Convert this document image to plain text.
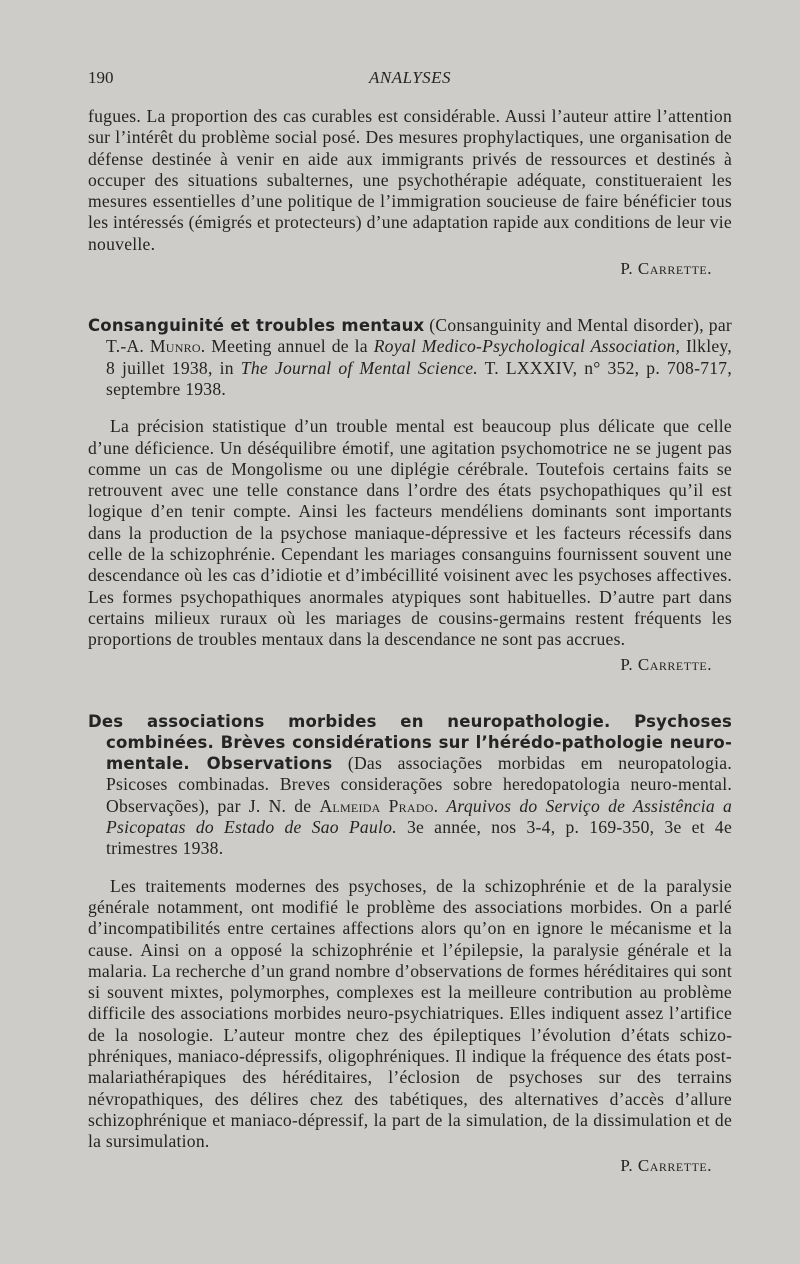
190	ANALYSES

fugues. La proportion des cas curables est considérable. Aussi l’auteur attire l’attention sur l’intérêt du problème social posé. Des mesures prophylactiques, une organisation de défense destinée à venir en aide aux immigrants privés de ressources et destinés à occuper des situations subalternes, une psychothérapie adéquate, constitueraient les mesures essentielles d’une politique de l’immigration soucieuse de faire bénéficier tous les intéressés (émigrés et protecteurs) d’une adaptation rapide aux conditions de leur vie nouvelle.

P. Carrette.
Consanguinité et troubles mentaux (Consanguinity and Mental disorder), par T.-A. Munro. Meeting annuel de la Royal Medico-Psychological Association, Ilkley, 8 juillet 1938, in The Journal of Mental Science. T. LXXXIV, n° 352, p. 708-717, septembre 1938.

La précision statistique d’un trouble mental est beaucoup plus délicate que celle d’une déficience. Un déséquilibre émotif, une agitation psychomotrice ne se jugent pas comme un cas de Mongolisme ou une diplégie cérébrale. Toutefois certains faits se retrouvent avec une telle constance dans l’ordre des états psychopathiques qu’il est logique d’en tenir compte. Ainsi les facteurs mendéliens dominants sont importants dans la production de la psychose maniaque-dépressive et les facteurs récessifs dans celle de la schizophrénie. Cependant les mariages consanguins fournissent souvent une descendance où les cas d’idiotie et d’imbécillité voisinent avec les psychoses affectives. Les formes psychopathiques anormales atypiques sont habituelles. D’autre part dans certains milieux ruraux où les mariages de cousins-germains restent fréquents les proportions de troubles mentaux dans la descendance ne sont pas accrues.

P. Carrette.
Des associations morbides en neuropathologie. Psychoses combinées. Brèves considérations sur l’hérédo-pathologie neuro-mentale. Observations (Das associações morbidas em neuropatologia. Psicoses combinadas. Breves considerações sobre heredopatologia neuro-mental. Observações), par J. N. de Almeida Prado. Arquivos do Serviço de Assistência a Psicopatas do Estado de Sao Paulo. 3e année, nos 3-4, p. 169-350, 3e et 4e trimestres 1938.

Les traitements modernes des psychoses, de la schizophrénie et de la paralysie générale notamment, ont modifié le problème des associations morbides. On a parlé d’incompatibilités entre certaines affections alors qu’on en ignore le mécanisme et la cause. Ainsi on a opposé la schizophrénie et l’épilepsie, la paralysie générale et la malaria. La recherche d’un grand nombre d’observations de formes héréditaires qui sont si souvent mixtes, polymorphes, complexes est la meilleure contribution au problème difficile des associations morbides neuro-psychiatriques. Elles indiquent assez l’artifice de la nosologie. L’auteur montre chez des épileptiques l’évolution d’états schizophréniques, maniaco-dépressifs, oligophréniques. Il indique la fréquence des états post-malariathérapiques des héréditaires, l’éclosion de psychoses sur des terrains névropathiques, des délires chez des tabétiques, des alternatives d’accès d’allure schizophrénique et maniaco-dépressif, la part de la simulation, de la dissimulation et de la sursimulation.

P. Carrette.
